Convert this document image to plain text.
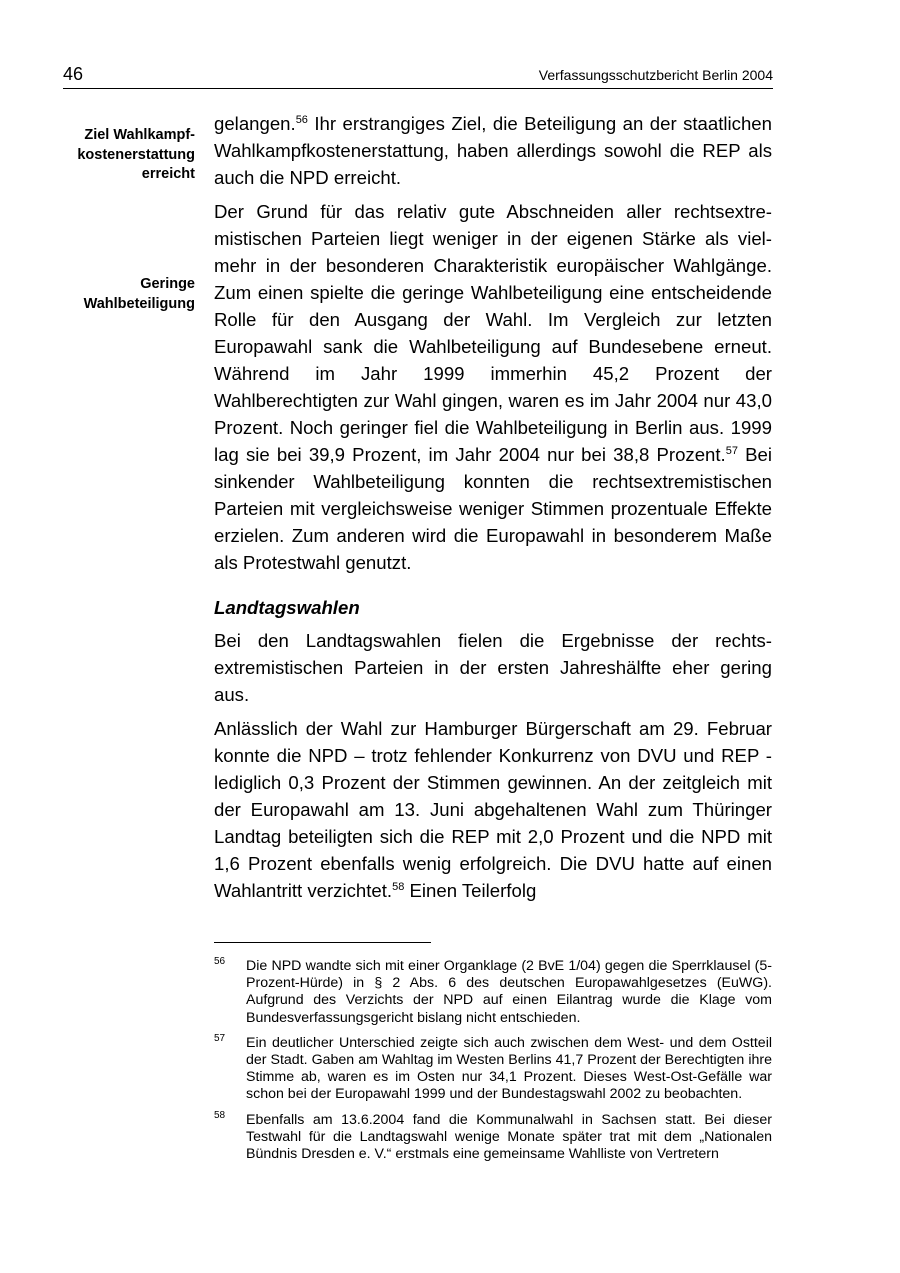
46	Verfassungsschutzbericht Berlin 2004
Ziel Wahlkampf-
kostenerstattung
erreicht
Geringe
Wahlbeteiligung

gelangen.$^{56}$ Ihr erstrangiges Ziel, die Beteiligung an der staatlichen Wahlkampfkostenerstattung, haben allerdings sowohl die REP als auch die NPD erreicht.

Der Grund für das relativ gute Abschneiden aller rechtsextremistischen Parteien liegt weniger in der eigenen Stärke als vielmehr in der besonderen Charakteristik europäischer Wahlgänge. Zum einen spielte die geringe Wahlbeteiligung eine entscheidende Rolle für den Ausgang der Wahl. Im Vergleich zur letzten Europawahl sank die Wahlbeteiligung auf Bundesebene erneut. Während im Jahr 1999 immerhin 45,2 Prozent der Wahlberechtigten zur Wahl gingen, waren es im Jahr 2004 nur 43,0 Prozent. Noch geringer fiel die Wahlbeteiligung in Berlin aus. 1999 lag sie bei 39,9 Prozent, im Jahr 2004 nur bei 38,8 Prozent.$^{57}$ Bei sinkender Wahlbeteiligung konnten die rechtsextremistischen Parteien mit vergleichsweise weniger Stimmen prozentuale Effekte erzielen. Zum anderen wird die Europawahl in besonderem Maße als Protestwahl genutzt.

Landtagswahlen

Bei den Landtagswahlen fielen die Ergebnisse der rechtsextremistischen Parteien in der ersten Jahreshälfte eher gering aus.

Anlässlich der Wahl zur Hamburger Bürgerschaft am 29. Februar konnte die NPD – trotz fehlender Konkurrenz von DVU und REP - lediglich 0,3 Prozent der Stimmen gewinnen. An der zeitgleich mit der Europawahl am 13. Juni abgehaltenen Wahl zum Thüringer Landtag beteiligten sich die REP mit 2,0 Prozent und die NPD mit 1,6 Prozent ebenfalls wenig erfolgreich. Die DVU hatte auf einen Wahlantritt verzichtet.$^{58}$ Einen Teilerfolg

56 Die NPD wandte sich mit einer Organklage (2 BvE 1/04) gegen die Sperrklausel (5-Prozent-Hürde) in § 2 Abs. 6 des deutschen Europawahlgesetzes (EuWG). Aufgrund des Verzichts der NPD auf einen Eilantrag wurde die Klage vom Bundesverfassungsgericht bislang nicht entschieden.
57 Ein deutlicher Unterschied zeigte sich auch zwischen dem West- und dem Ostteil der Stadt. Gaben am Wahltag im Westen Berlins 41,7 Prozent der Berechtigten ihre Stimme ab, waren es im Osten nur 34,1 Prozent. Dieses West-Ost-Gefälle war schon bei der Europawahl 1999 und der Bundestagswahl 2002 zu beobachten.
58 Ebenfalls am 13.6.2004 fand die Kommunalwahl in Sachsen statt. Bei dieser Testwahl für die Landtagswahl wenige Monate später trat mit dem „Nationalen Bündnis Dresden e. V.“ erstmals eine gemeinsame Wahlliste von Vertretern
